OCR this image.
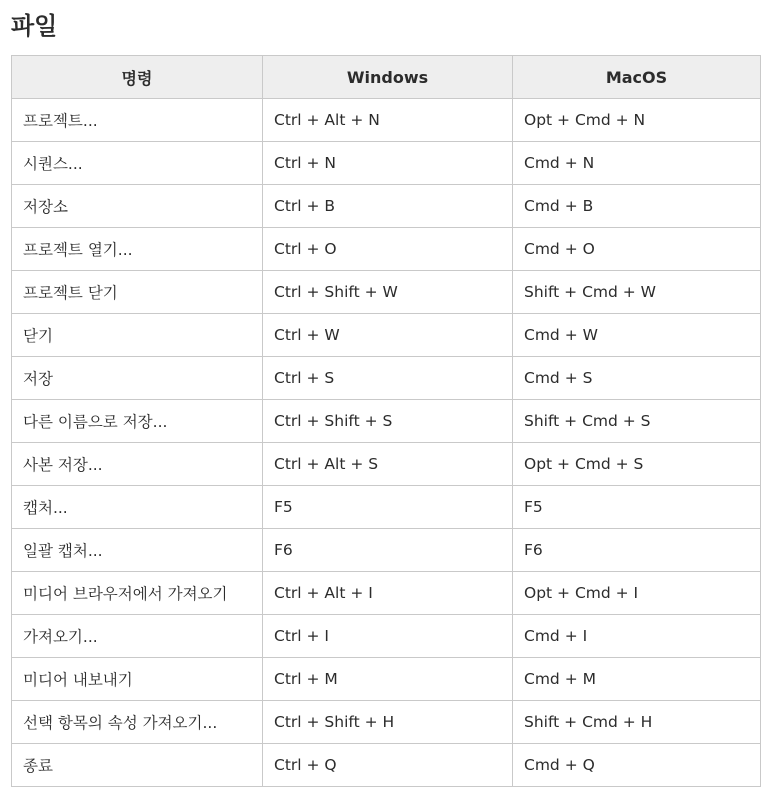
파일
명령	Windows	MacOS
프로젝트...	Ctrl + Alt + N	Opt + Cmd + N
시퀀스...	Ctrl + N	Cmd + N
저장소	Ctrl + B	Cmd + B
프로젝트 열기...	Ctrl + O	Cmd + O
프로젝트 닫기	Ctrl + Shift + W	Shift + Cmd + W
닫기	Ctrl + W	Cmd + W
저장	Ctrl + S	Cmd + S
다른 이름으로 저장...	Ctrl + Shift + S	Shift + Cmd + S
사본 저장...	Ctrl + Alt + S	Opt + Cmd + S
캡처...	F5	F5
일괄 캡처...	F6	F6
미디어 브라우저에서 가져오기	Ctrl + Alt + I	Opt + Cmd + I
가져오기...	Ctrl + I	Cmd + I
미디어 내보내기	Ctrl + M	Cmd + M
선택 항목의 속성 가져오기...	Ctrl + Shift + H	Shift + Cmd + H
종료	Ctrl + Q	Cmd + Q
